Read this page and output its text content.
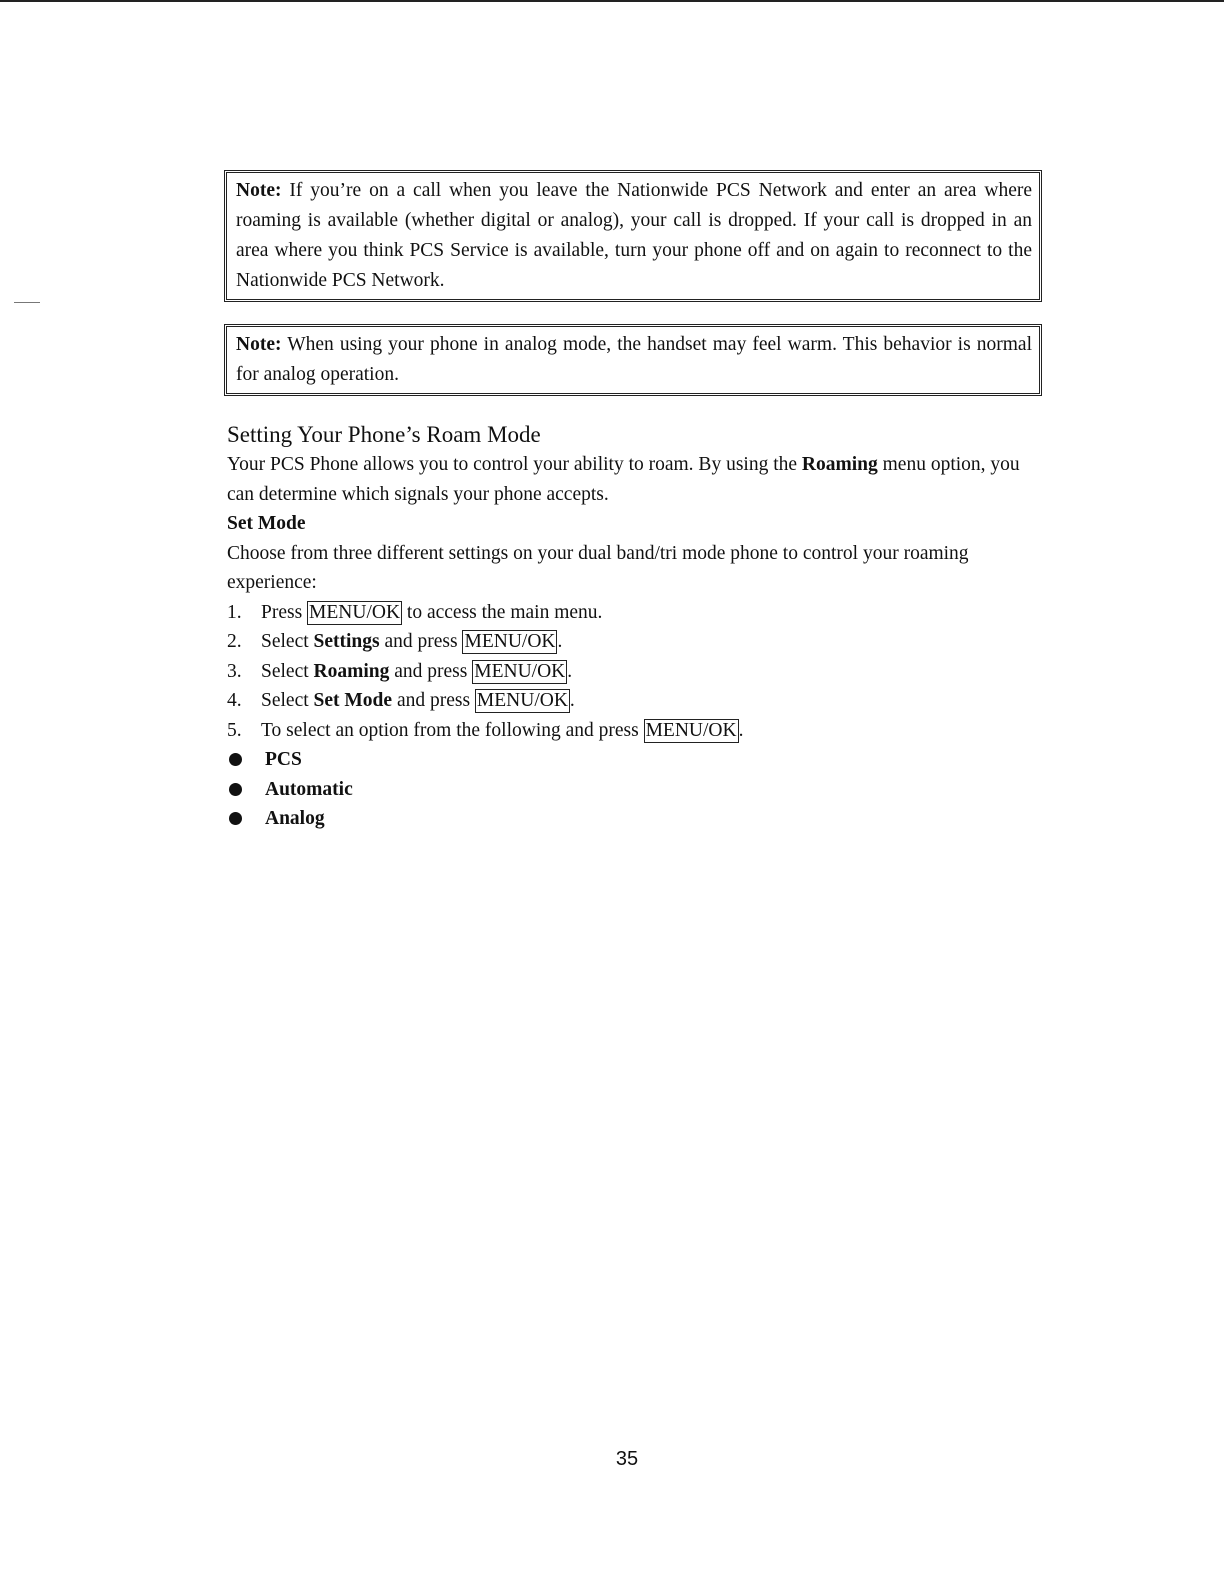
Note: If you’re on a call when you leave the Nationwide PCS Network and enter an area where roaming is available (whether digital or analog), your call is dropped. If your call is dropped in an area where you think PCS Service is available, turn your phone off and on again to reconnect to the Nationwide PCS Network.
Note: When using your phone in analog mode, the handset may feel warm. This behavior is normal for analog operation.
Setting Your Phone’s Roam Mode

Your PCS Phone allows you to control your ability to roam. By using the Roaming menu option, you can determine which signals your phone accepts.

Set Mode

Choose from three different settings on your dual band/tri mode phone to control your roaming experience:

1. Press MENU/OK to access the main menu.
2. Select Settings and press MENU/OK .
3. Select Roaming and press MENU/OK .
4. Select Set Mode and press MENU/OK .
5. To select an option from the following and press MENU/OK .
PCS
Automatic
Analog
35
